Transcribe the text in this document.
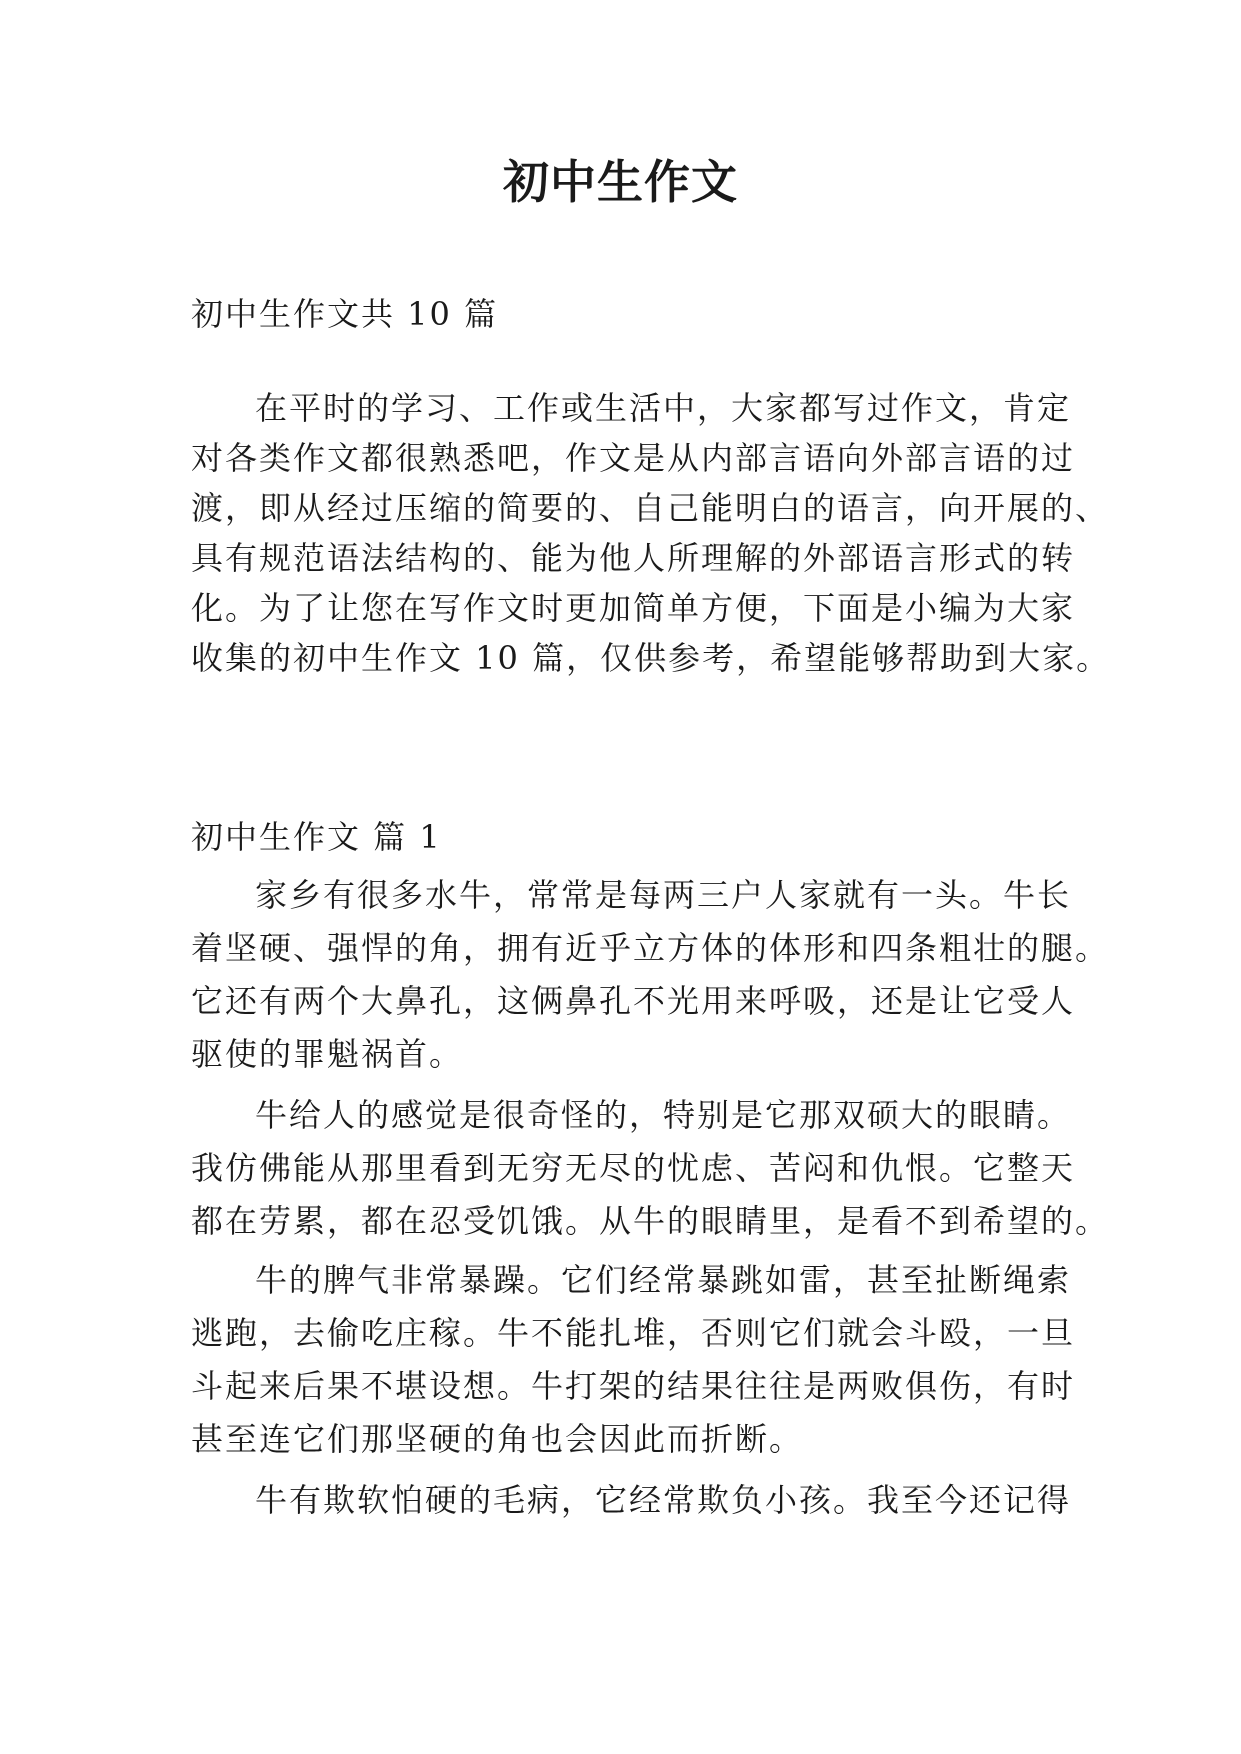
初中生作文
初中生作文共 10 篇
在平时的学习、工作或生活中，大家都写过作文，肯定
对各类作文都很熟悉吧，作文是从内部言语向外部言语的过
渡，即从经过压缩的简要的、自己能明白的语言，向开展的、
具有规范语法结构的、能为他人所理解的外部语言形式的转
化。为了让您在写作文时更加简单方便，下面是小编为大家
收集的初中生作文 10 篇，仅供参考，希望能够帮助到大家。
初中生作文 篇 1
家乡有很多水牛，常常是每两三户人家就有一头。牛长
着坚硬、强悍的角，拥有近乎立方体的体形和四条粗壮的腿。
它还有两个大鼻孔，这俩鼻孔不光用来呼吸，还是让它受人
驱使的罪魁祸首。
牛给人的感觉是很奇怪的，特别是它那双硕大的眼睛。
我仿佛能从那里看到无穷无尽的忧虑、苦闷和仇恨。它整天
都在劳累，都在忍受饥饿。从牛的眼睛里，是看不到希望的。
牛的脾气非常暴躁。它们经常暴跳如雷，甚至扯断绳索
逃跑，去偷吃庄稼。牛不能扎堆，否则它们就会斗殴，一旦
斗起来后果不堪设想。牛打架的结果往往是两败俱伤，有时
甚至连它们那坚硬的角也会因此而折断。
牛有欺软怕硬的毛病，它经常欺负小孩。我至今还记得
